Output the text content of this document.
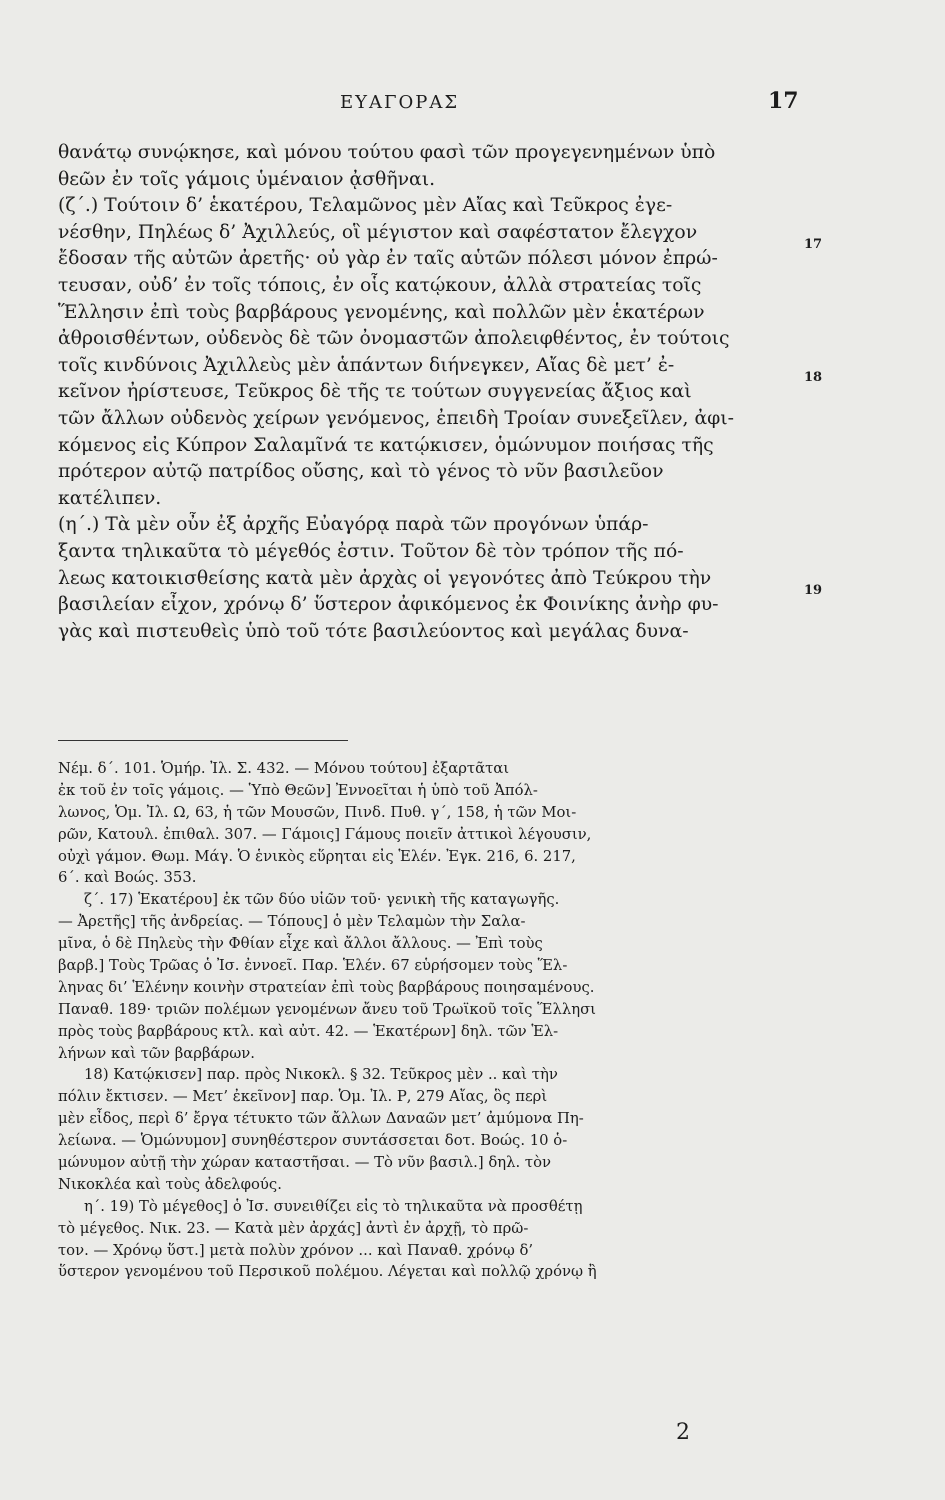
ΕΥΑΓΟΡΑΣ	17
θανάτῳ συνῴκησε, καὶ μόνου τούτου φασὶ τῶν προγεγενημένων ὑπὸ
θεῶν ἐν τοῖς γάμοις ὑμέναιον ᾀσθῆναι.
(ζ΄.) Τούτοιν δ’ ἑκατέρου, Τελαμῶνος μὲν Αἴας καὶ Τεῦκρος ἐγε-
νέσθην, Πηλέως δ’ Ἀχιλλεύς, οἳ μέγιστον καὶ σαφέστατον ἔλεγχον
ἔδοσαν τῆς αὐτῶν ἀρετῆς· οὐ γὰρ ἐν ταῖς αὑτῶν πόλεσι μόνον ἐπρώ-
τευσαν, οὐδ’ ἐν τοῖς τόποις, ἐν οἷς κατῴκουν, ἀλλὰ στρατείας τοῖς
Ἕλλησιν ἐπὶ τοὺς βαρβάρους γενομένης, καὶ πολλῶν μὲν ἑκατέρων
ἀθροισθέντων, οὐδενὸς δὲ τῶν ὀνομαστῶν ἀπολειφθέντος, ἐν τούτοις
τοῖς κινδύνοις Ἀχιλλεὺς μὲν ἁπάντων διήνεγκεν, Αἴας δὲ μετ’ ἐ-
κεῖνον ἠρίστευσε, Τεῦκρος δὲ τῆς τε τούτων συγγενείας ἄξιος καὶ
τῶν ἄλλων οὐδενὸς χείρων γενόμενος, ἐπειδὴ Τροίαν συνεξεῖλεν, ἀφι-
κόμενος εἰς Κύπρον Σαλαμῖνά τε κατῴκισεν, ὁμώνυμον ποιήσας τῆς
πρότερον αὐτῷ πατρίδος οὔσης, καὶ τὸ γένος τὸ νῦν βασιλεῦον
κατέλιπεν.
(η΄.) Τὰ μὲν οὖν ἐξ ἀρχῆς Εὐαγόρᾳ παρὰ τῶν προγόνων ὑπάρ-
ξαντα τηλικαῦτα τὸ μέγεθός ἐστιν. Τοῦτον δὲ τὸν τρόπον τῆς πό-
λεως κατοικισθείσης κατὰ μὲν ἀρχὰς οἱ γεγονότες ἀπὸ Τεύκρου τὴν
βασιλείαν εἶχον, χρόνῳ δ’ ὕστερον ἀφικόμενος ἐκ Φοινίκης ἀνὴρ φυ-
γὰς καὶ πιστευθεὶς ὑπὸ τοῦ τότε βασιλεύοντος καὶ μεγάλας δυνα-
17
18
19
Νέμ. δ΄. 101. Ὁμήρ. Ἰλ. Σ. 432. — Μόνου τούτου] ἐξαρτᾶται
ἐκ τοῦ ἐν τοῖς γάμοις. — Ὑπὸ Θεῶν] Ἐννοεῖται ἡ ὑπὸ τοῦ Ἀπόλ-
λωνος, Ὁμ. Ἰλ. Ω, 63, ἡ τῶν Μουσῶν, Πινδ. Πυθ. γ΄, 158, ἡ τῶν Μοι-
ρῶν, Κατουλ. ἐπιθαλ. 307. — Γάμοις] Γάμους ποιεῖν ἀττικοὶ λέγουσιν,
οὐχὶ γάμον. Θωμ. Μάγ. Ὁ ἑνικὸς εὕρηται εἰς Ἑλέν. Ἐγκ. 216, 6. 217,
6΄. καὶ Βοώς. 353.
ζ΄. 17) Ἑκατέρου] ἐκ τῶν δύο υἱῶν τοῦ· γενικὴ τῆς καταγωγῆς.
— Ἀρετῆς] τῆς ἀνδρείας. — Τόπους] ὁ μὲν Τελαμὼν τὴν Σαλα-
μῖνα, ὁ δὲ Πηλεὺς τὴν Φθίαν εἶχε καὶ ἄλλοι ἄλλους. — Ἐπὶ τοὺς
βαρβ.] Τοὺς Τρῶας ὁ Ἰσ. ἐννοεῖ. Παρ. Ἑλέν. 67 εὑρήσομεν τοὺς Ἕλ-
ληνας δι’ Ἑλένην κοινὴν στρατείαν ἐπὶ τοὺς βαρβάρους ποιησαμένους.
Παναθ. 189· τριῶν πολέμων γενομένων ἄνευ τοῦ Τρωϊκοῦ τοῖς Ἕλλησι
πρὸς τοὺς βαρβάρους κτλ. καὶ αὐτ. 42. — Ἑκατέρων] δηλ. τῶν Ἑλ-
λήνων καὶ τῶν βαρβάρων.
18) Κατῴκισεν] παρ. πρὸς Νικοκλ. § 32. Τεῦκρος μὲν .. καὶ τὴν
πόλιν ἔκτισεν. — Μετ’ ἐκεῖνον] παρ. Ὁμ. Ἰλ. Ρ, 279 Αἴας, ὃς περὶ
μὲν εἶδος, περὶ δ’ ἔργα τέτυκτο τῶν ἄλλων Δαναῶν μετ’ ἀμύμονα Πη-
λείωνα. — Ὁμώνυμον] συνηθέστερον συντάσσεται δοτ. Βοώς. 10 ὁ-
μώνυμον αὐτῇ τὴν χώραν καταστῆσαι. — Τὸ νῦν βασιλ.] δηλ. τὸν
Νικοκλέα καὶ τοὺς ἀδελφούς.
η΄. 19) Τὸ μέγεθος] ὁ Ἰσ. συνειθίζει εἰς τὸ τηλικαῦτα νὰ προσθέτῃ
τὸ μέγεθος. Νικ. 23. — Κατὰ μὲν ἀρχάς] ἀντὶ ἐν ἀρχῇ, τὸ πρῶ-
τον. — Χρόνῳ ὕστ.] μετὰ πολὺν χρόνον ... καὶ Παναθ. χρόνῳ δ’
ὕστερον γενομένου τοῦ Περσικοῦ πολέμου. Λέγεται καὶ πολλῷ χρόνῳ ἢ
2
